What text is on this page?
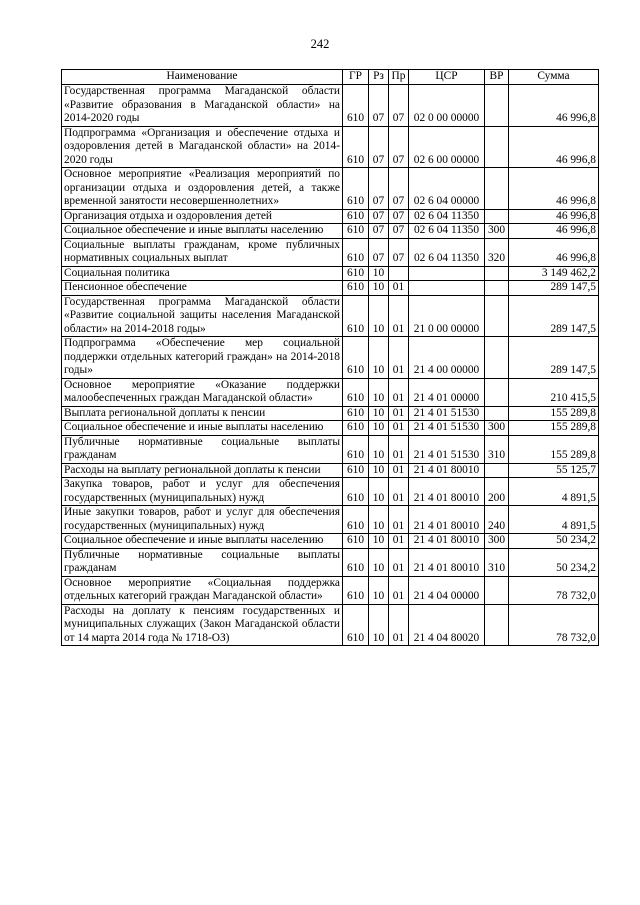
242
Наименование	ГР	Рз	Пр	ЦСР	ВР	Сумма
Государственная программа Магаданской области «Развитие образования в Магаданской области» на 2014-2020 годы	610	07	07	02 0 00 00000		46 996,8
Подпрограмма «Организация и обеспечение отдыха и оздоровления детей в Магаданской области» на 2014-2020 годы	610	07	07	02 6 00 00000		46 996,8
Основное мероприятие «Реализация мероприятий по организации отдыха и оздоровления детей, а также временной занятости несовершеннолетних»	610	07	07	02 6 04 00000		46 996,8
Организация отдыха и оздоровления детей	610	07	07	02 6 04 11350		46 996,8
Социальное обеспечение и иные выплаты населению	610	07	07	02 6 04 11350	300	46 996,8
Социальные выплаты гражданам, кроме публичных нормативных социальных выплат	610	07	07	02 6 04 11350	320	46 996,8
Социальная политика	610	10				3 149 462,2
Пенсионное обеспечение	610	10	01			289 147,5
Государственная программа Магаданской области «Развитие социальной защиты населения Магаданской области» на 2014-2018 годы»	610	10	01	21 0 00 00000		289 147,5
Подпрограмма «Обеспечение мер социальной поддержки отдельных категорий граждан» на 2014-2018 годы»	610	10	01	21 4 00 00000		289 147,5
Основное мероприятие «Оказание поддержки малообеспеченных граждан Магаданской области»	610	10	01	21 4 01 00000		210 415,5
Выплата региональной доплаты к пенсии	610	10	01	21 4 01 51530		155 289,8
Социальное обеспечение и иные выплаты населению	610	10	01	21 4 01 51530	300	155 289,8
Публичные нормативные социальные выплаты гражданам	610	10	01	21 4 01 51530	310	155 289,8
Расходы на выплату региональной доплаты к пенсии	610	10	01	21 4 01 80010		55 125,7
Закупка товаров, работ и услуг для обеспечения государственных (муниципальных) нужд	610	10	01	21 4 01 80010	200	4 891,5
Иные закупки товаров, работ и услуг для обеспечения государственных (муниципальных) нужд	610	10	01	21 4 01 80010	240	4 891,5
Социальное обеспечение и иные выплаты населению	610	10	01	21 4 01 80010	300	50 234,2
Публичные нормативные социальные выплаты гражданам	610	10	01	21 4 01 80010	310	50 234,2
Основное мероприятие «Социальная поддержка отдельных категорий граждан Магаданской области»	610	10	01	21 4 04 00000		78 732,0
Расходы на доплату к пенсиям государственных и муниципальных служащих (Закон Магаданской области от 14 марта 2014 года № 1718-ОЗ)	610	10	01	21 4 04 80020		78 732,0
